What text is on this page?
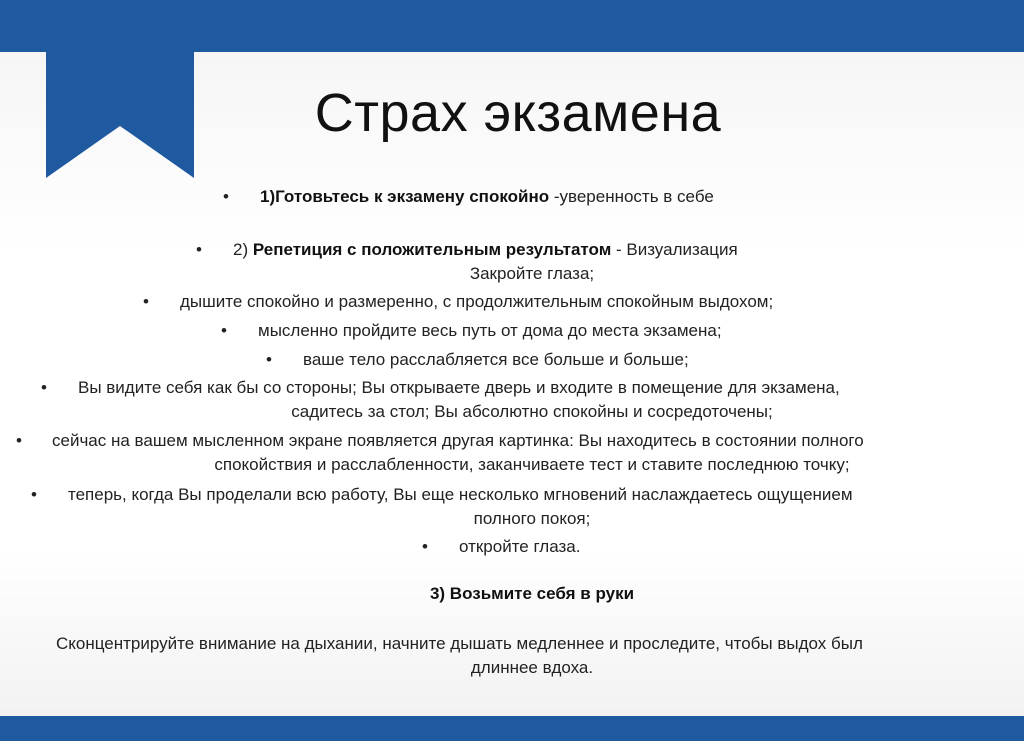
Страх экзамена
• 1)Готовьтесь к экзамену спокойно -уверенность в себе
• 2) Репетиция с положительным результатом - Визуализация
Закройте глаза;
• дышите спокойно и размеренно, с продолжительным спокойным выдохом;
• мысленно пройдите весь путь от дома до места экзамена;
• ваше тело расслабляется все больше и больше;
• Вы видите себя как бы со стороны; Вы открываете дверь и входите в помещение для экзамена,
садитесь за стол; Вы абсолютно спокойны и сосредоточены;
• сейчас на вашем мысленном экране появляется другая картинка: Вы находитесь в состоянии полного
спокойствия и расслабленности, заканчиваете тест и ставите последнюю точку;
• теперь, когда Вы проделали всю работу, Вы еще несколько мгновений наслаждаетесь ощущением
полного покоя;
• откройте глаза.
3) Возьмите себя в руки
Сконцентрируйте внимание на дыхании, начните дышать медленнее и проследите, чтобы выдох был
длиннее вдоха.
